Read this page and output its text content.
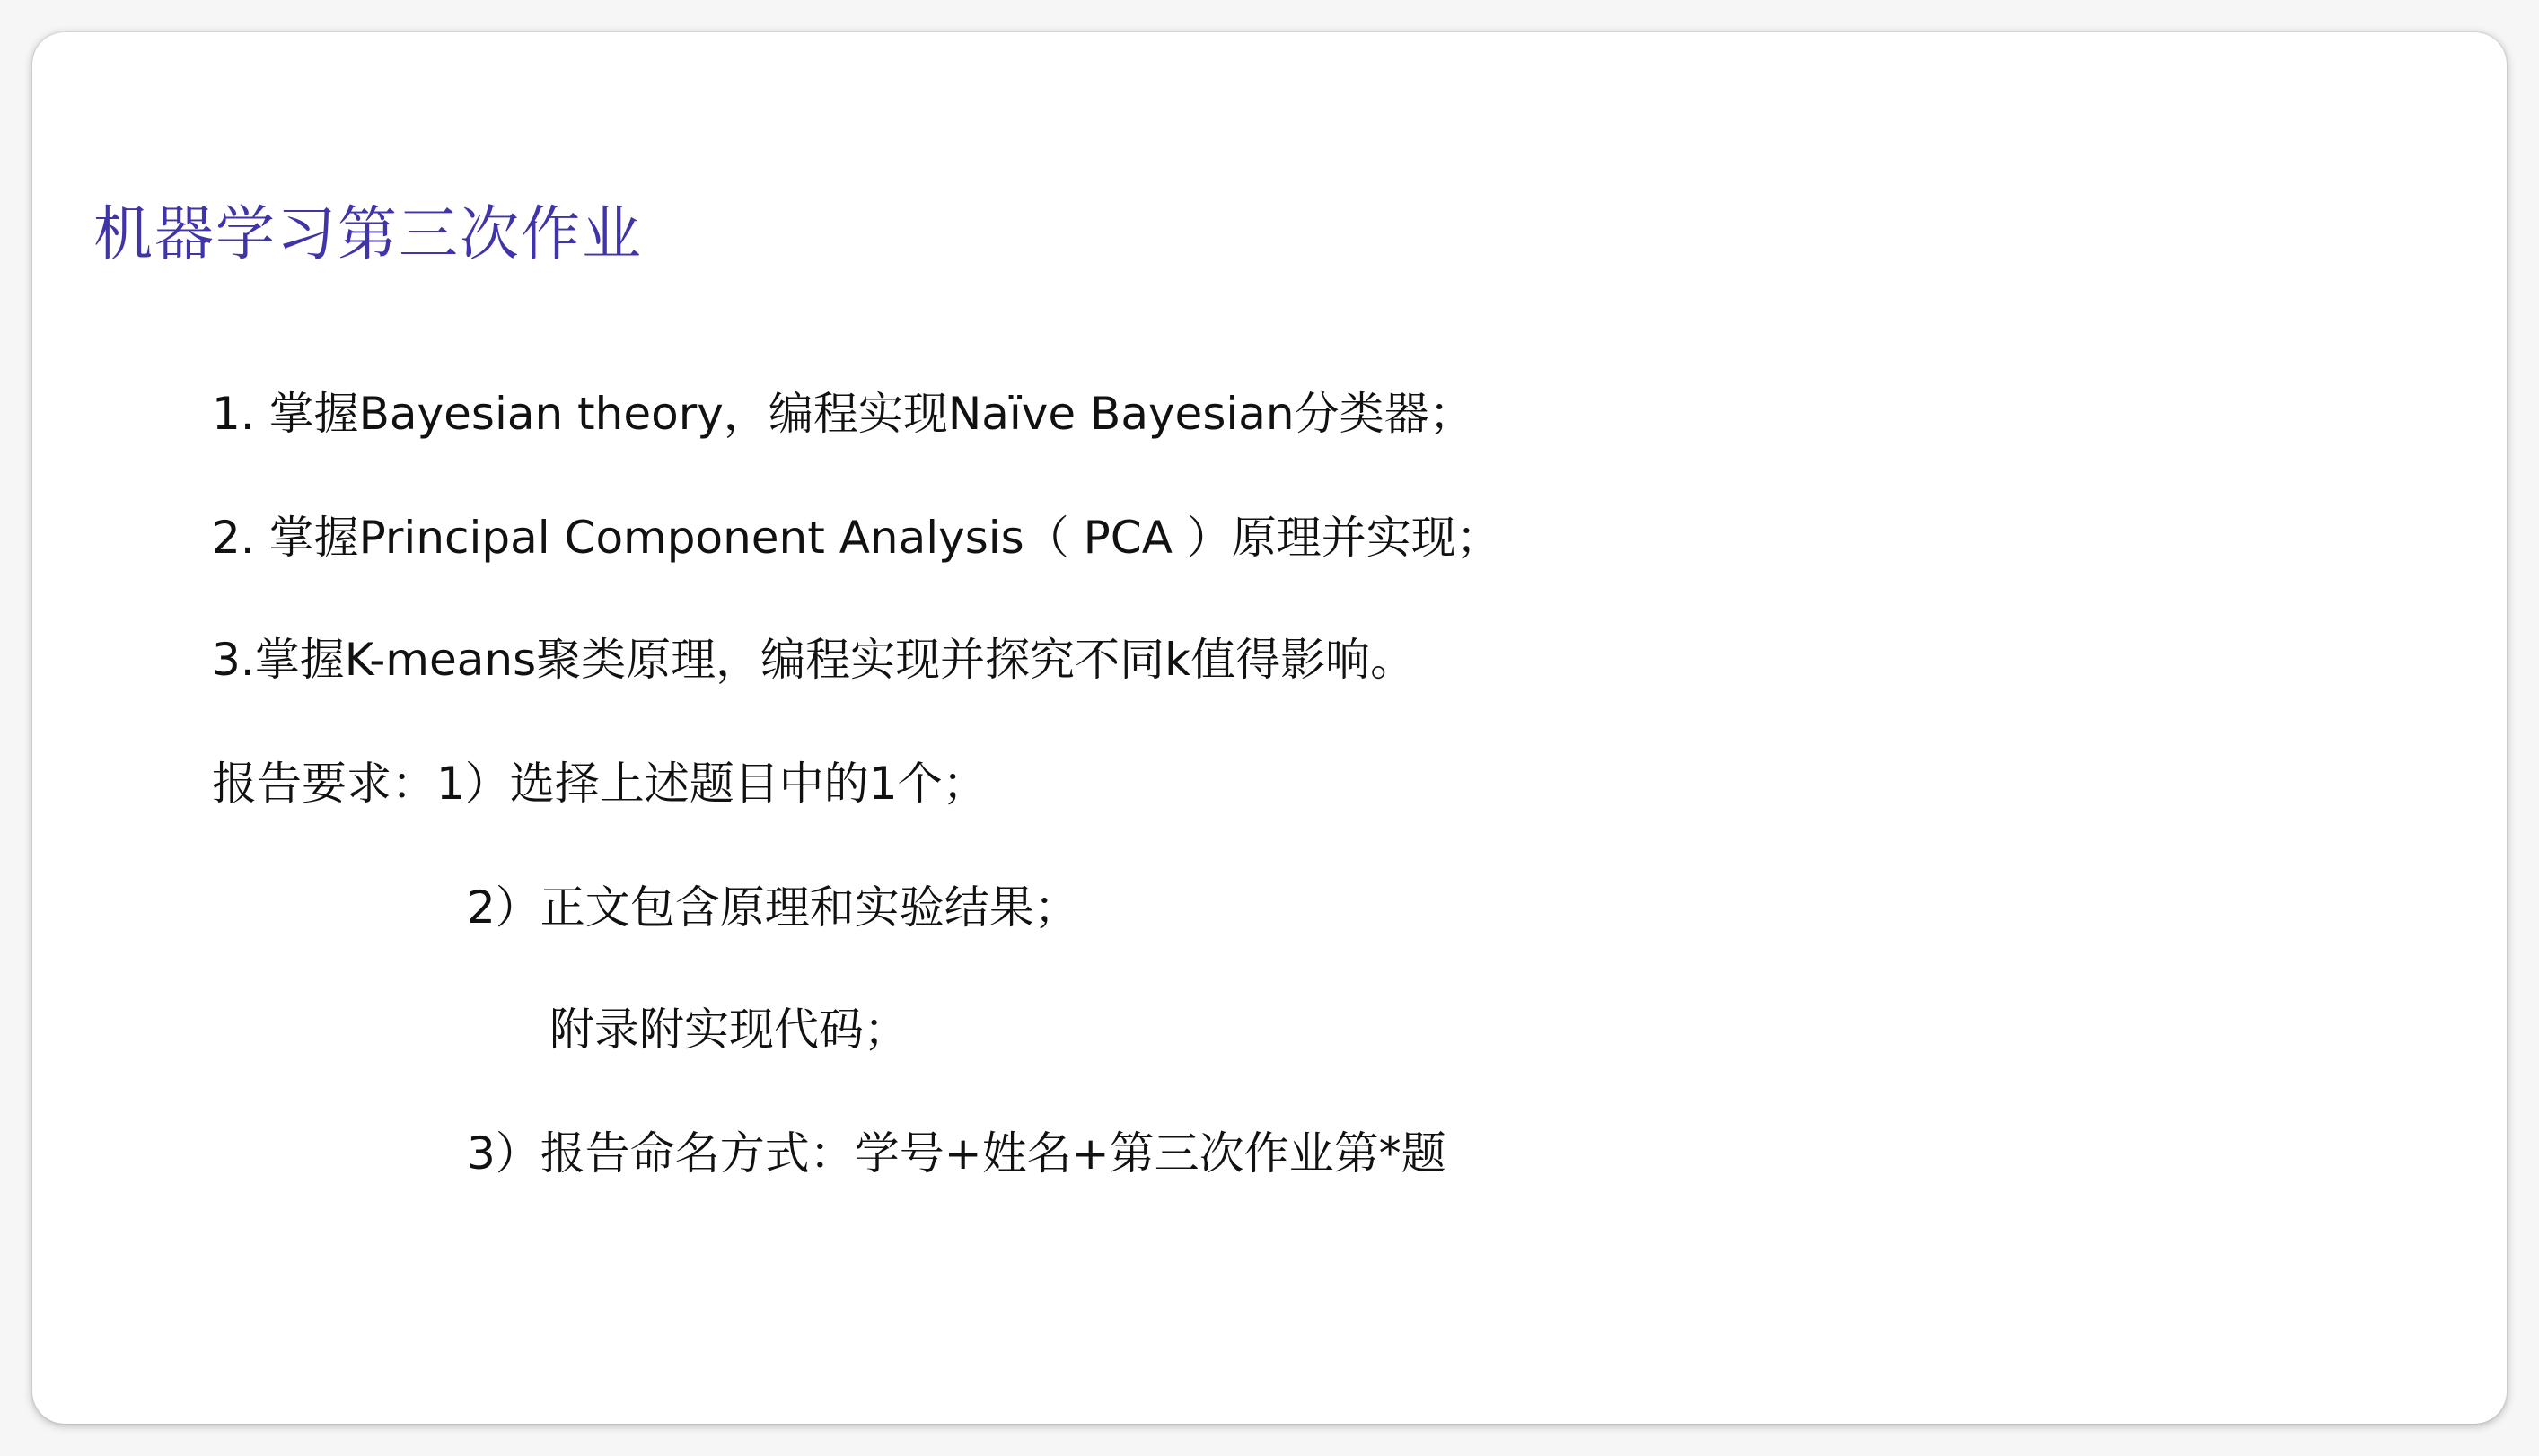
机器学习第三次作业
1. 掌握Bayesian theory，编程实现Naïve Bayesian分类器；
2. 掌握Principal Component Analysis（ PCA ）原理并实现；
3.掌握K-means聚类原理，编程实现并探究不同k值得影响。
报告要求：1）选择上述题目中的1个；
2）正文包含原理和实验结果；
附录附实现代码；
3）报告命名方式：学号+姓名+第三次作业第*题
